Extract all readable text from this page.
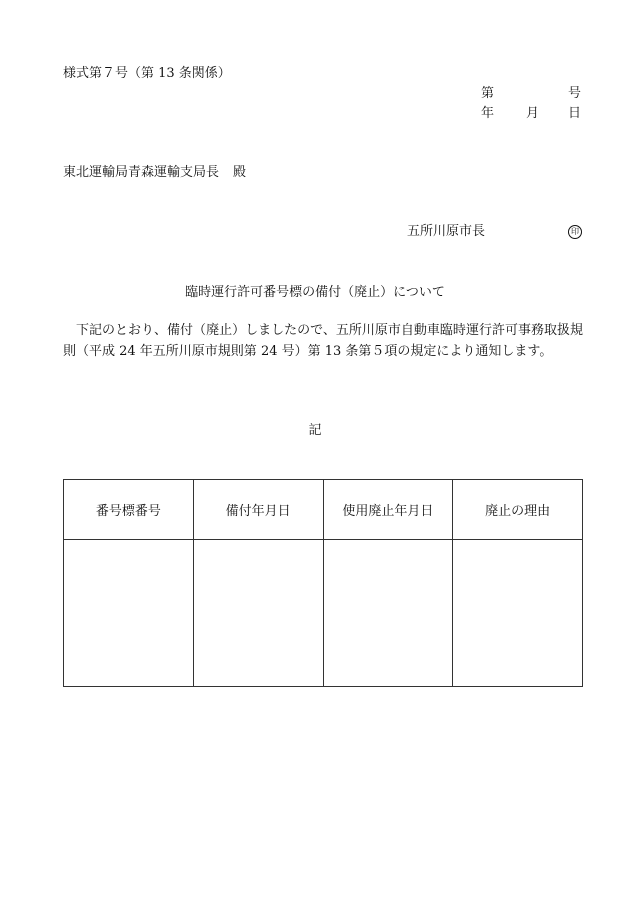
様式第７号（第 13 条関係）
第	号
年 月 日
東北運輸局青森運輸支局長 殿
五所川原市長	印
臨時運行許可番号標の備付（廃止）について

下記のとおり、備付（廃止）しましたので、五所川原市自動車臨時運行許可事務取扱規則（平成 24 年五所川原市規則第 24 号）第 13 条第５項の規定により通知します。

記
番号標番号	備付年月日	使用廃止年月日	廃止の理由
